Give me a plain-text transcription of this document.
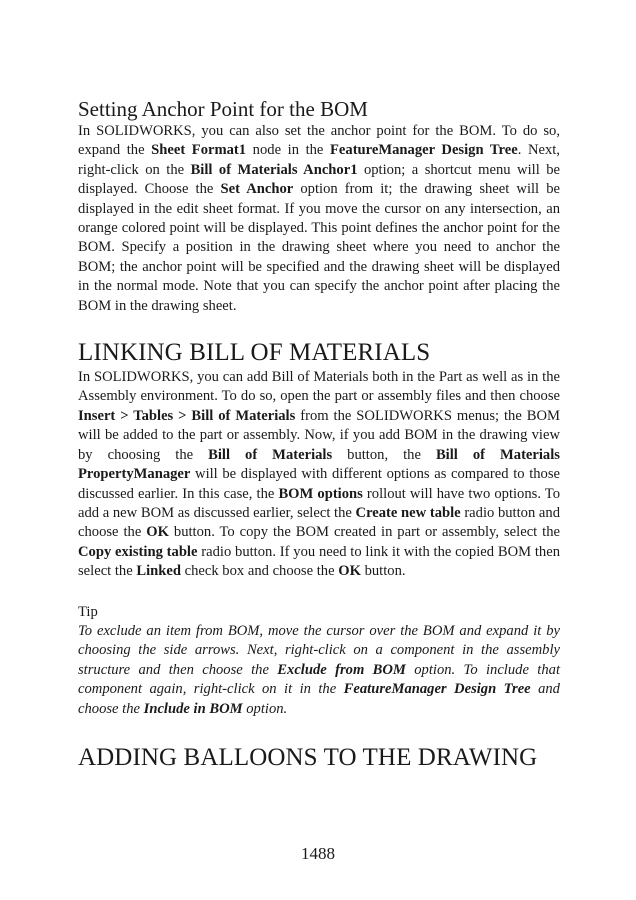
Setting Anchor Point for the BOM

In SOLIDWORKS, you can also set the anchor point for the BOM. To do so, expand the Sheet Format1 node in the FeatureManager Design Tree. Next, right-click on the Bill of Materials Anchor1 option; a shortcut menu will be displayed. Choose the Set Anchor option from it; the drawing sheet will be displayed in the edit sheet format. If you move the cursor on any intersection, an orange colored point will be displayed. This point defines the anchor point for the BOM. Specify a position in the drawing sheet where you need to anchor the BOM; the anchor point will be specified and the drawing sheet will be displayed in the normal mode. Note that you can specify the anchor point after placing the BOM in the drawing sheet.

LINKING BILL OF MATERIALS

In SOLIDWORKS, you can add Bill of Materials both in the Part as well as in the Assembly environment. To do so, open the part or assembly files and then choose Insert > Tables > Bill of Materials from the SOLIDWORKS menus; the BOM will be added to the part or assembly. Now, if you add BOM in the drawing view by choosing the Bill of Materials button, the Bill of Materials PropertyManager will be displayed with different options as compared to those discussed earlier. In this case, the BOM options rollout will have two options. To add a new BOM as discussed earlier, select the Create new table radio button and choose the OK button. To copy the BOM created in part or assembly, select the Copy existing table radio button. If you need to link it with the copied BOM then select the Linked check box and choose the OK button.

Tip

To exclude an item from BOM, move the cursor over the BOM and expand it by choosing the side arrows. Next, right-click on a component in the assembly structure and then choose the Exclude from BOM option. To include that component again, right-click on it in the FeatureManager Design Tree and choose the Include in BOM option.

ADDING BALLOONS TO THE DRAWING
1488
